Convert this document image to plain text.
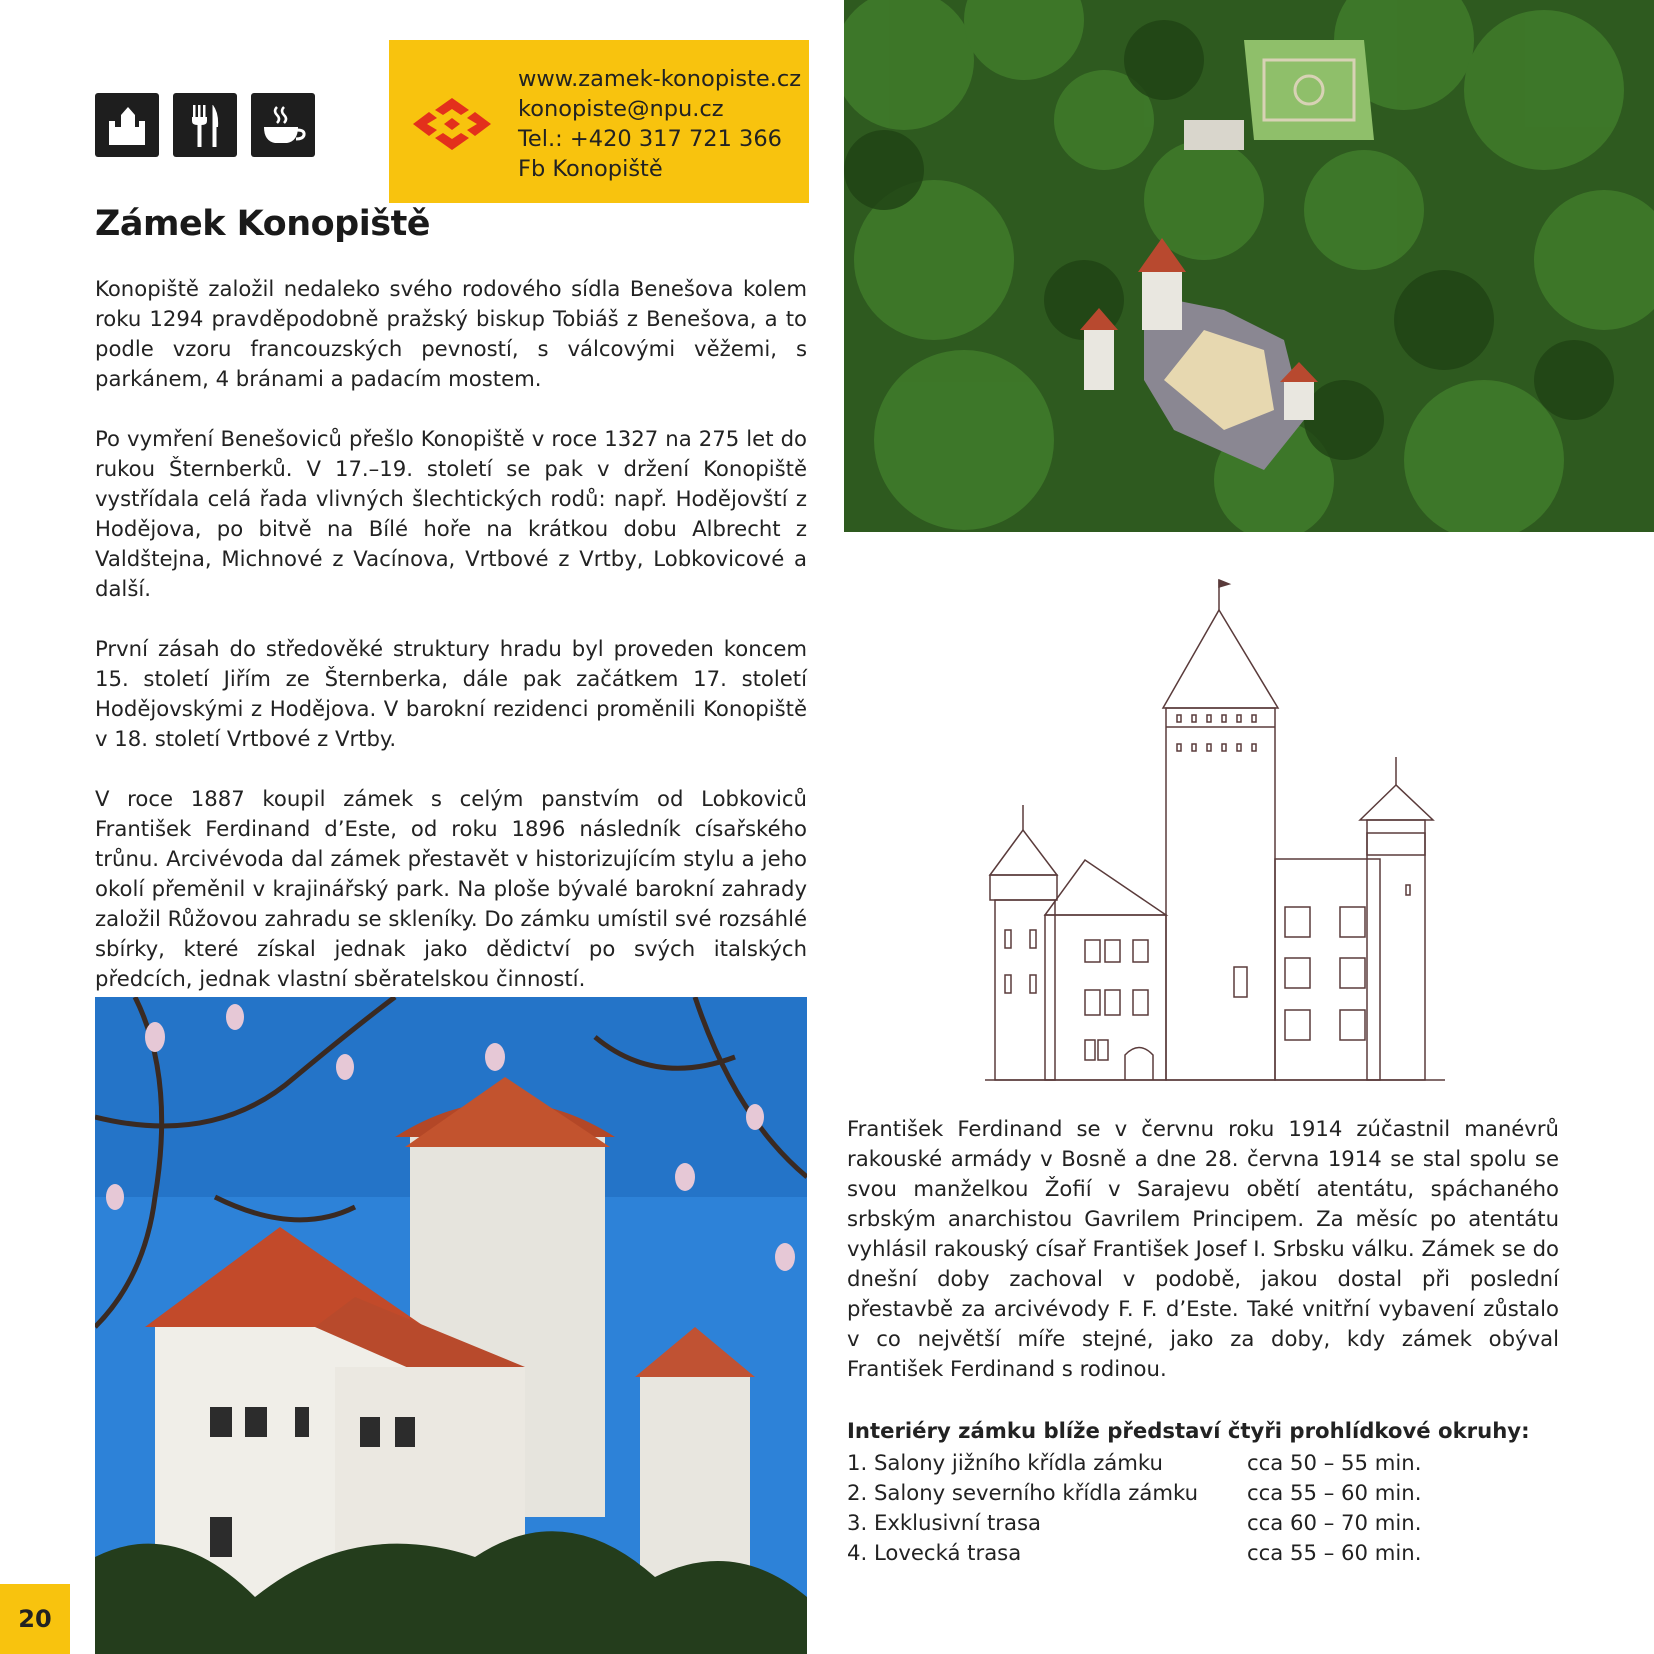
www.zamek-konopiste.cz
konopiste@npu.cz
Tel.: +420 317 721 366
Fb Konopiště
Zámek Konopiště

Konopiště založil nedaleko svého rodového sídla Benešova kolem roku 1294 pravděpodobně pražský biskup Tobiáš z Benešova, a to podle vzoru francouzských pevností, s válcovými věžemi, s parkánem, 4 bránami a padacím mostem.

Po vymření Benešoviců přešlo Konopiště v roce 1327 na 275 let do rukou Šternberků. V 17.–19. století se pak v držení Konopiště vystřídala celá řada vlivných šlechtických rodů: např. Hodějovští z Hodějova, po bitvě na Bílé hoře na krátkou dobu Albrecht z Valdštejna, Michnové z Vacínova, Vrtbové z Vrtby, Lobkovicové a další.

První zásah do středověké struktury hradu byl proveden koncem 15. století Jiřím ze Šternberka, dále pak začátkem 17. století Hodějovskými z Hodějova. V barokní rezidenci proměnili Konopiště v 18. století Vrtbové z Vrtby.

V roce 1887 koupil zámek s celým panstvím od Lobkoviců František Ferdinand d’Este, od roku 1896 následník císařského trůnu. Arcivévoda dal zámek přestavět v historizujícím stylu a jeho okolí přeměnil v krajinářský park. Na ploše bývalé barokní zahrady založil Růžovou zahradu se skleníky. Do zámku umístil své rozsáhlé sbírky, které získal jednak jako dědictví po svých italských předcích, jednak vlastní sběratelskou činností.

František Ferdinand se v červnu roku 1914 zúčastnil manévrů rakouské armády v Bosně a dne 28. června 1914 se stal spolu se svou manželkou Žofií v Sarajevu obětí atentátu, spáchaného srbským anarchistou Gavrilem Principem. Za měsíc po atentátu vyhlásil rakouský císař František Josef I. Srbsku válku. Zámek se do dnešní doby zachoval v podobě, jakou dostal při poslední přestavbě za arcivévody F. F. d’Este. Také vnitřní vybavení zůstalo v co největší míře stejné, jako za doby, kdy zámek obýval František Ferdinand s rodinou.

Interiéry zámku blíže představí čtyři prohlídkové okruhy:
1. Salony jižního křídla zámku	cca 50 – 55 min.
2. Salony severního křídla zámku cca 55 – 60 min.
3. Exklusivní trasa	cca 60 – 70 min.
4. Lovecká trasa	cca 55 – 60 min.
20
